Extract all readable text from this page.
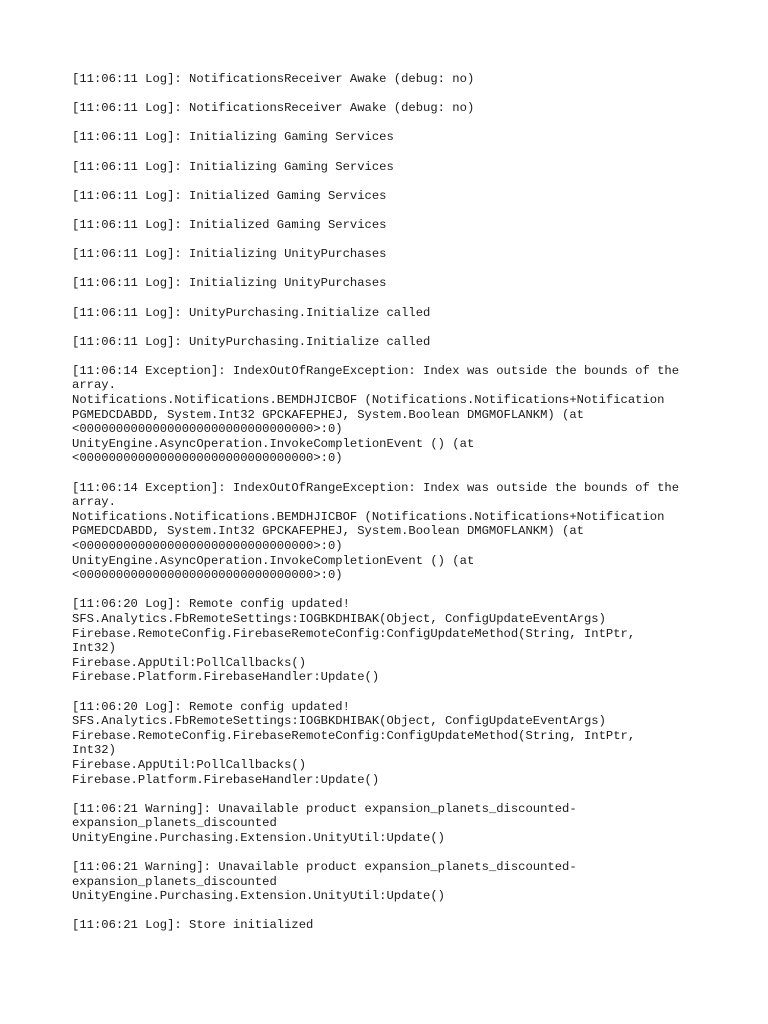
[11:06:11 Log]: NotificationsReceiver Awake (debug: no)
[11:06:11 Log]: NotificationsReceiver Awake (debug: no)
[11:06:11 Log]: Initializing Gaming Services
[11:06:11 Log]: Initializing Gaming Services
[11:06:11 Log]: Initialized Gaming Services
[11:06:11 Log]: Initialized Gaming Services
[11:06:11 Log]: Initializing UnityPurchases
[11:06:11 Log]: Initializing UnityPurchases
[11:06:11 Log]: UnityPurchasing.Initialize called
[11:06:11 Log]: UnityPurchasing.Initialize called
[11:06:14 Exception]: IndexOutOfRangeException: Index was outside the bounds of the
array.
Notifications.Notifications.BEMDHJICBOF (Notifications.Notifications+Notification
PGMEDCDABDD, System.Int32 GPCKAFEPHEJ, System.Boolean DMGMOFLANKM) (at
<00000000000000000000000000000000>:0)
UnityEngine.AsyncOperation.InvokeCompletionEvent () (at
<00000000000000000000000000000000>:0)
[11:06:14 Exception]: IndexOutOfRangeException: Index was outside the bounds of the
array.
Notifications.Notifications.BEMDHJICBOF (Notifications.Notifications+Notification
PGMEDCDABDD, System.Int32 GPCKAFEPHEJ, System.Boolean DMGMOFLANKM) (at
<00000000000000000000000000000000>:0)
UnityEngine.AsyncOperation.InvokeCompletionEvent () (at
<00000000000000000000000000000000>:0)
[11:06:20 Log]: Remote config updated!
SFS.Analytics.FbRemoteSettings:IOGBKDHIBAK(Object, ConfigUpdateEventArgs)
Firebase.RemoteConfig.FirebaseRemoteConfig:ConfigUpdateMethod(String, IntPtr,
Int32)
Firebase.AppUtil:PollCallbacks()
Firebase.Platform.FirebaseHandler:Update()
[11:06:20 Log]: Remote config updated!
SFS.Analytics.FbRemoteSettings:IOGBKDHIBAK(Object, ConfigUpdateEventArgs)
Firebase.RemoteConfig.FirebaseRemoteConfig:ConfigUpdateMethod(String, IntPtr,
Int32)
Firebase.AppUtil:PollCallbacks()
Firebase.Platform.FirebaseHandler:Update()
[11:06:21 Warning]: Unavailable product expansion_planets_discounted-
expansion_planets_discounted
UnityEngine.Purchasing.Extension.UnityUtil:Update()
[11:06:21 Warning]: Unavailable product expansion_planets_discounted-
expansion_planets_discounted
UnityEngine.Purchasing.Extension.UnityUtil:Update()
[11:06:21 Log]: Store initialized
